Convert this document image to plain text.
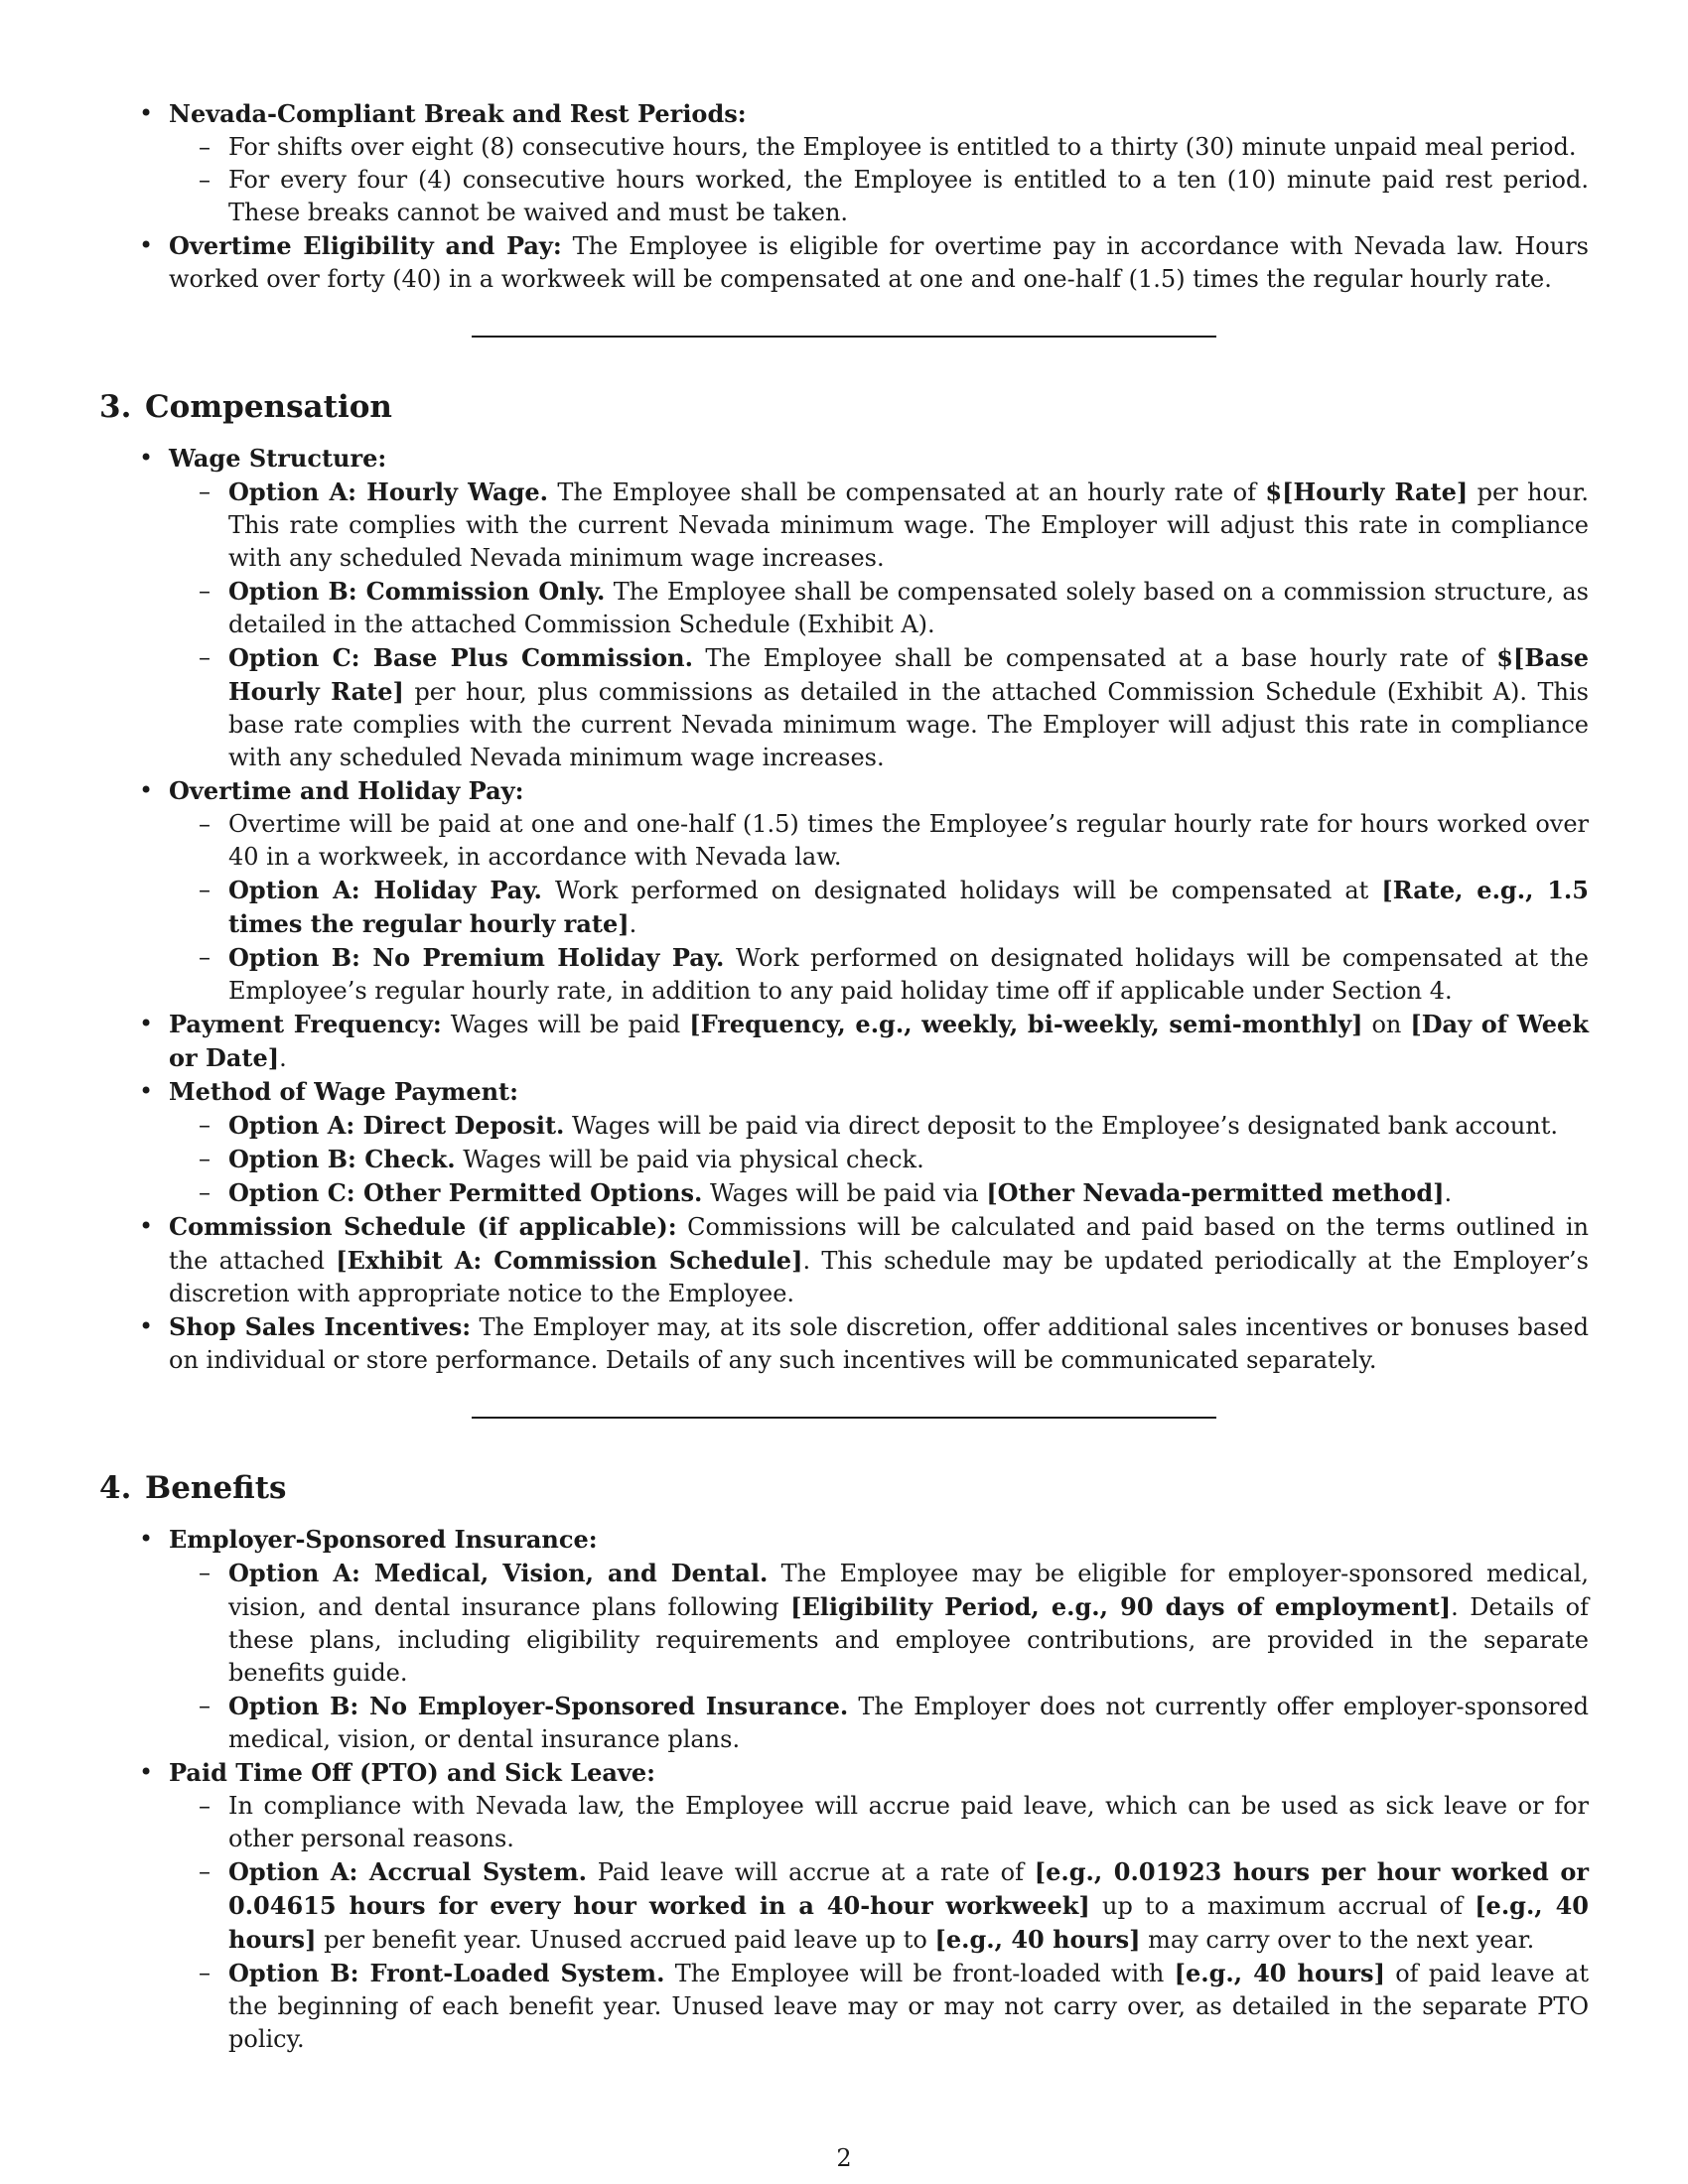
• Nevada-Compliant Break and Rest Periods:
– For shifts over eight (8) consecutive hours, the Employee is entitled to a thirty (30) minute unpaid meal period.
– For every four (4) consecutive hours worked, the Employee is entitled to a ten (10) minute paid rest period. These breaks cannot be waived and must be taken.
• Overtime Eligibility and Pay: The Employee is eligible for overtime pay in accordance with Nevada law. Hours worked over forty (40) in a workweek will be compensated at one and one-half (1.5) times the regular hourly rate.
3. Compensation
• Wage Structure:
– Option A: Hourly Wage. The Employee shall be compensated at an hourly rate of $[Hourly Rate] per hour. This rate complies with the current Nevada minimum wage. The Employer will adjust this rate in compliance with any scheduled Nevada minimum wage increases.
– Option B: Commission Only. The Employee shall be compensated solely based on a commission structure, as detailed in the attached Commission Schedule (Exhibit A).
– Option C: Base Plus Commission. The Employee shall be compensated at a base hourly rate of $[Base Hourly Rate] per hour, plus commissions as detailed in the attached Commission Schedule (Exhibit A). This base rate complies with the current Nevada minimum wage. The Employer will adjust this rate in compliance with any scheduled Nevada minimum wage increases.
• Overtime and Holiday Pay:
– Overtime will be paid at one and one-half (1.5) times the Employee’s regular hourly rate for hours worked over 40 in a workweek, in accordance with Nevada law.
– Option A: Holiday Pay. Work performed on designated holidays will be compensated at [Rate, e.g., 1.5 times the regular hourly rate].
– Option B: No Premium Holiday Pay. Work performed on designated holidays will be compensated at the Employee’s regular hourly rate, in addition to any paid holiday time off if applicable under Section 4.
• Payment Frequency: Wages will be paid [Frequency, e.g., weekly, bi-weekly, semi-monthly] on [Day of Week or Date].
• Method of Wage Payment:
– Option A: Direct Deposit. Wages will be paid via direct deposit to the Employee’s designated bank account.
– Option B: Check. Wages will be paid via physical check.
– Option C: Other Permitted Options. Wages will be paid via [Other Nevada-permitted method].
• Commission Schedule (if applicable): Commissions will be calculated and paid based on the terms outlined in the attached [Exhibit A: Commission Schedule]. This schedule may be updated periodically at the Employer’s discretion with appropriate notice to the Employee.
• Shop Sales Incentives: The Employer may, at its sole discretion, offer additional sales incentives or bonuses based on individual or store performance. Details of any such incentives will be communicated separately.
4. Benefits
• Employer-Sponsored Insurance:
– Option A: Medical, Vision, and Dental. The Employee may be eligible for employer-sponsored medical, vision, and dental insurance plans following [Eligibility Period, e.g., 90 days of employment]. Details of these plans, including eligibility requirements and employee contributions, are provided in the separate benefits guide.
– Option B: No Employer-Sponsored Insurance. The Employer does not currently offer employer-sponsored medical, vision, or dental insurance plans.
• Paid Time Off (PTO) and Sick Leave:
– In compliance with Nevada law, the Employee will accrue paid leave, which can be used as sick leave or for other personal reasons.
– Option A: Accrual System. Paid leave will accrue at a rate of [e.g., 0.01923 hours per hour worked or 0.04615 hours for every hour worked in a 40-hour workweek] up to a maximum accrual of [e.g., 40 hours] per benefit year. Unused accrued paid leave up to [e.g., 40 hours] may carry over to the next year.
– Option B: Front-Loaded System. The Employee will be front-loaded with [e.g., 40 hours] of paid leave at the beginning of each benefit year. Unused leave may or may not carry over, as detailed in the separate PTO policy.
2
